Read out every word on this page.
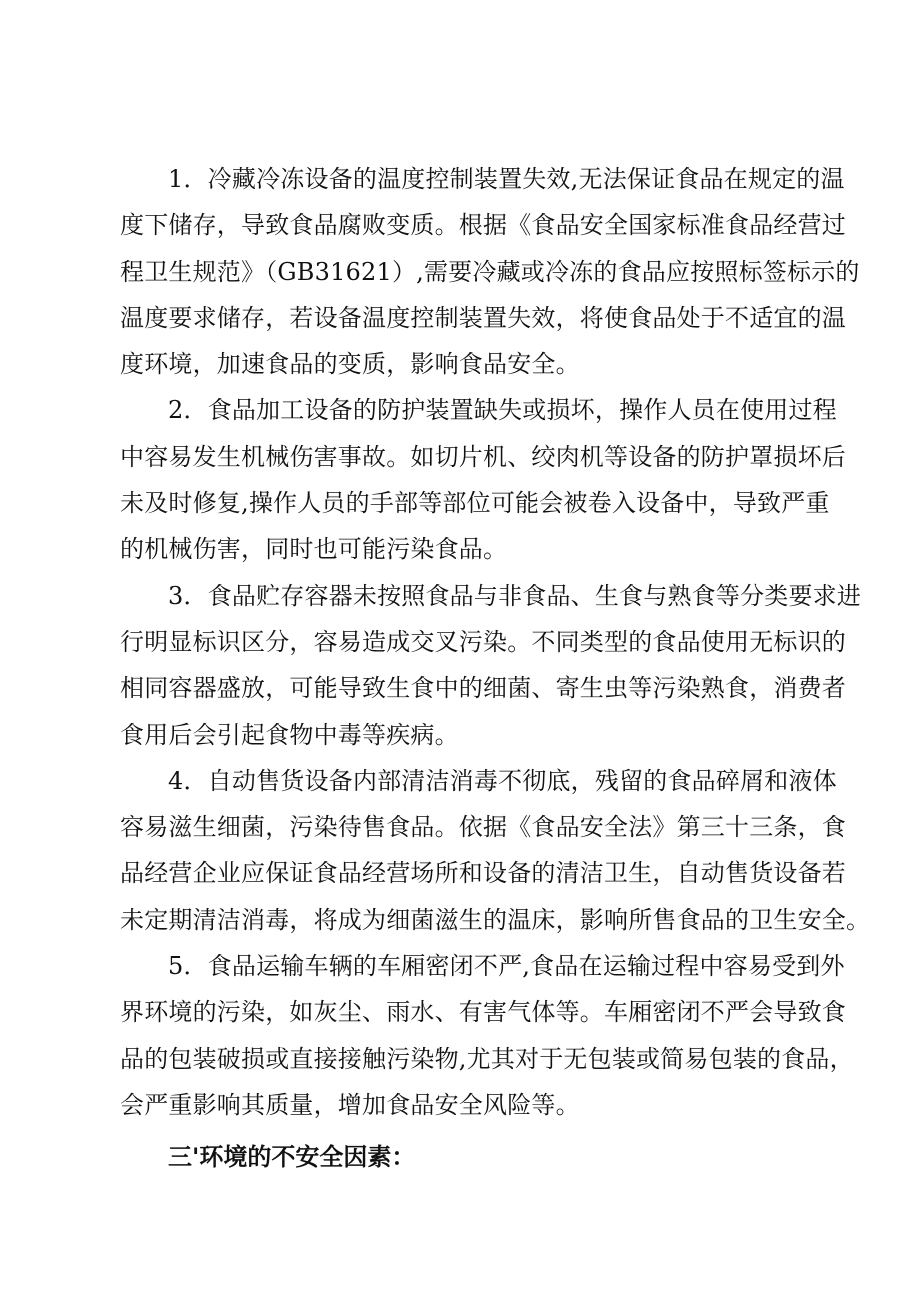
1．冷藏冷冻设备的温度控制装置失效,无法保证食品在规定的温
度下储存，导致食品腐败变质。根据《食品安全国家标准食品经营过
程卫生规范》（GB31621）,需要冷藏或冷冻的食品应按照标签标示的
温度要求储存，若设备温度控制装置失效，将使食品处于不适宜的温
度环境，加速食品的变质，影响食品安全。

2．食品加工设备的防护装置缺失或损坏，操作人员在使用过程
中容易发生机械伤害事故。如切片机、绞肉机等设备的防护罩损坏后
未及时修复,操作人员的手部等部位可能会被卷入设备中，导致严重
的机械伤害，同时也可能污染食品。

3．食品贮存容器未按照食品与非食品、生食与熟食等分类要求进
行明显标识区分，容易造成交叉污染。不同类型的食品使用无标识的
相同容器盛放，可能导致生食中的细菌、寄生虫等污染熟食，消费者
食用后会引起食物中毒等疾病。

4．自动售货设备内部清洁消毒不彻底，残留的食品碎屑和液体
容易滋生细菌，污染待售食品。依据《食品安全法》第三十三条，食
品经营企业应保证食品经营场所和设备的清洁卫生，自动售货设备若
未定期清洁消毒，将成为细菌滋生的温床，影响所售食品的卫生安全。

5．食品运输车辆的车厢密闭不严,食品在运输过程中容易受到外
界环境的污染，如灰尘、雨水、有害气体等。车厢密闭不严会导致食
品的包装破损或直接接触污染物,尤其对于无包装或简易包装的食品，
会严重影响其质量，增加食品安全风险等。

三'环境的不安全因素：
